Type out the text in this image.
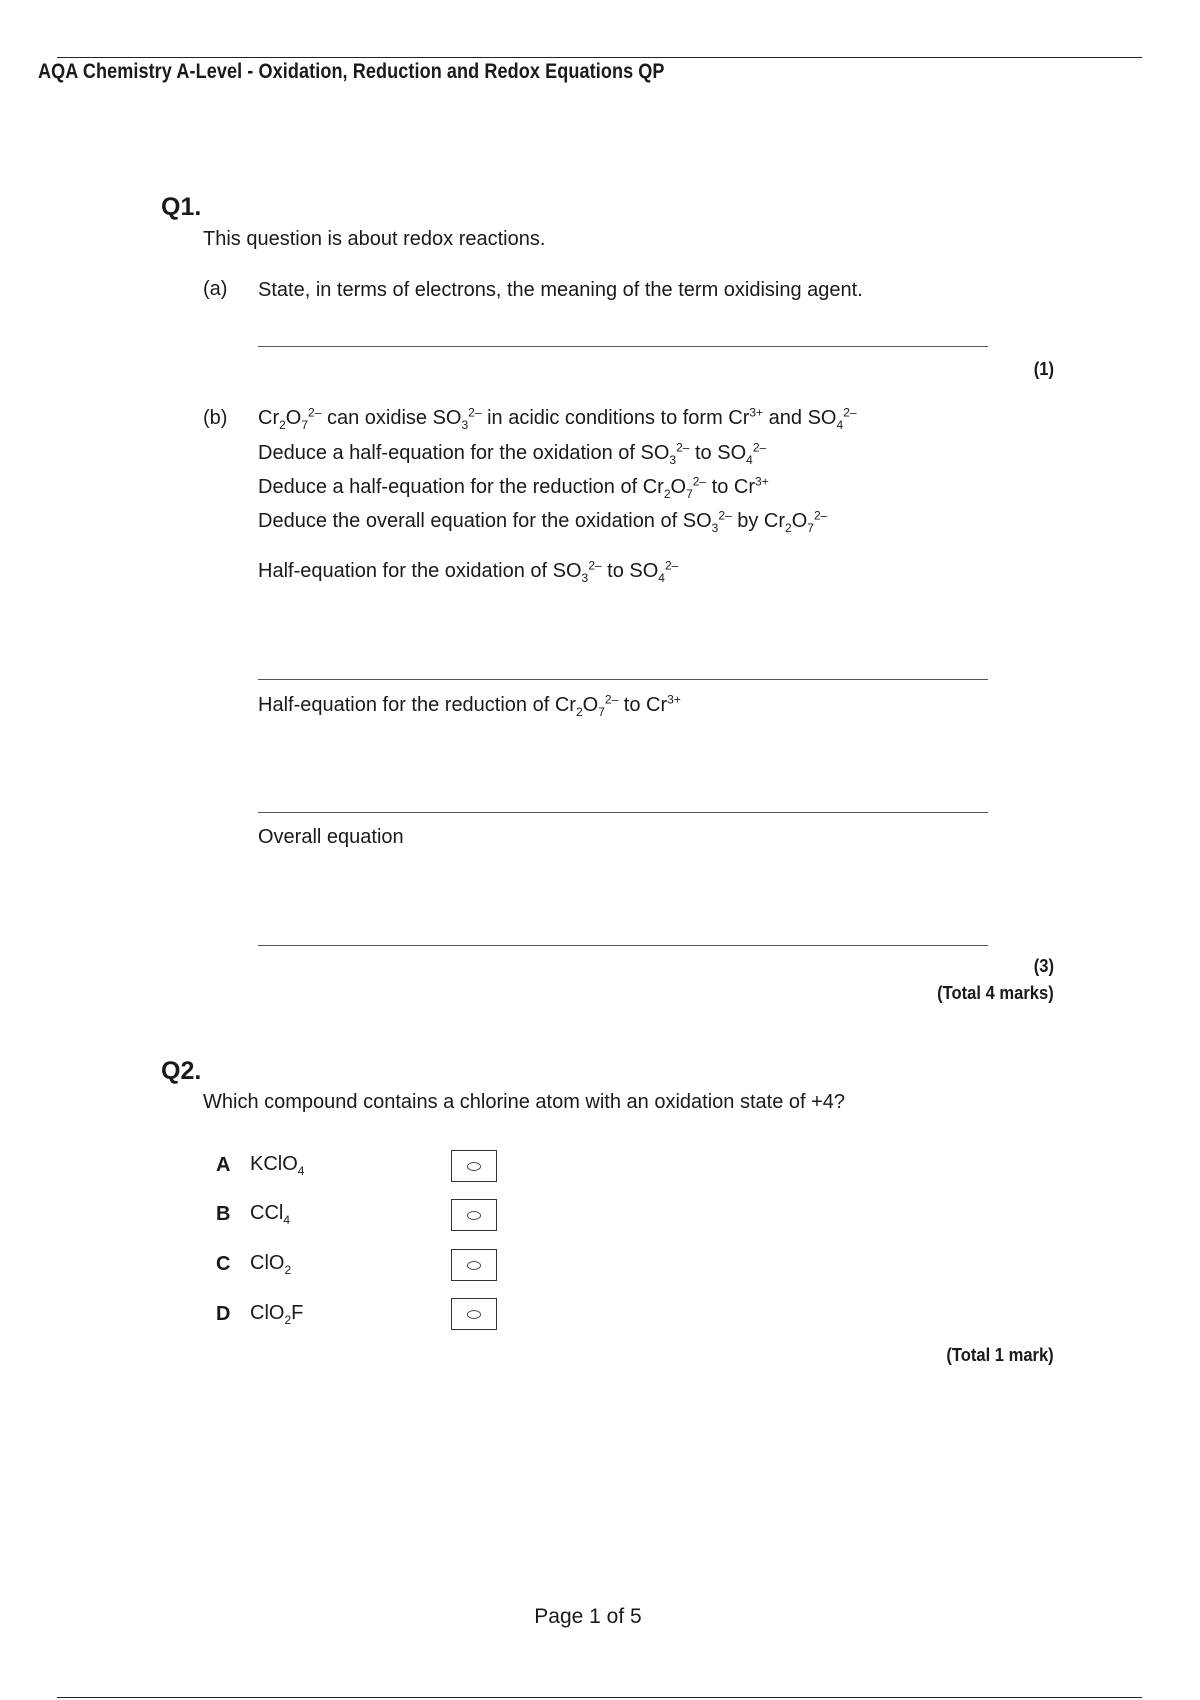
AQA Chemistry A-Level - Oxidation, Reduction and Redox Equations QP
Q1.
This question is about redox reactions.
(a) State, in terms of electrons, the meaning of the term oxidising agent.
(1)
(b) $Cr_2O_7^{2-}$ can oxidise $SO_3^{2-}$ in acidic conditions to form $Cr^{3+}$ and $SO_4^{2-}$
Deduce a half-equation for the oxidation of $SO_3^{2-}$ to $SO_4^{2-}$
Deduce a half-equation for the reduction of $Cr_2O_7^{2-}$ to $Cr^{3+}$
Deduce the overall equation for the oxidation of $SO_3^{2-}$ by $Cr_2O_7^{2-}$
Half-equation for the oxidation of $SO_3^{2-}$ to $SO_4^{2-}$
Half-equation for the reduction of $Cr_2O_7^{2-}$ to $Cr^{3+}$
Overall equation
(3)
(Total 4 marks)
Q2.
Which compound contains a chlorine atom with an oxidation state of +4?
A KClO$_4$
B CCl$_4$
C ClO$_2$
D ClO$_2$F
(Total 1 mark)
Page 1 of 5
